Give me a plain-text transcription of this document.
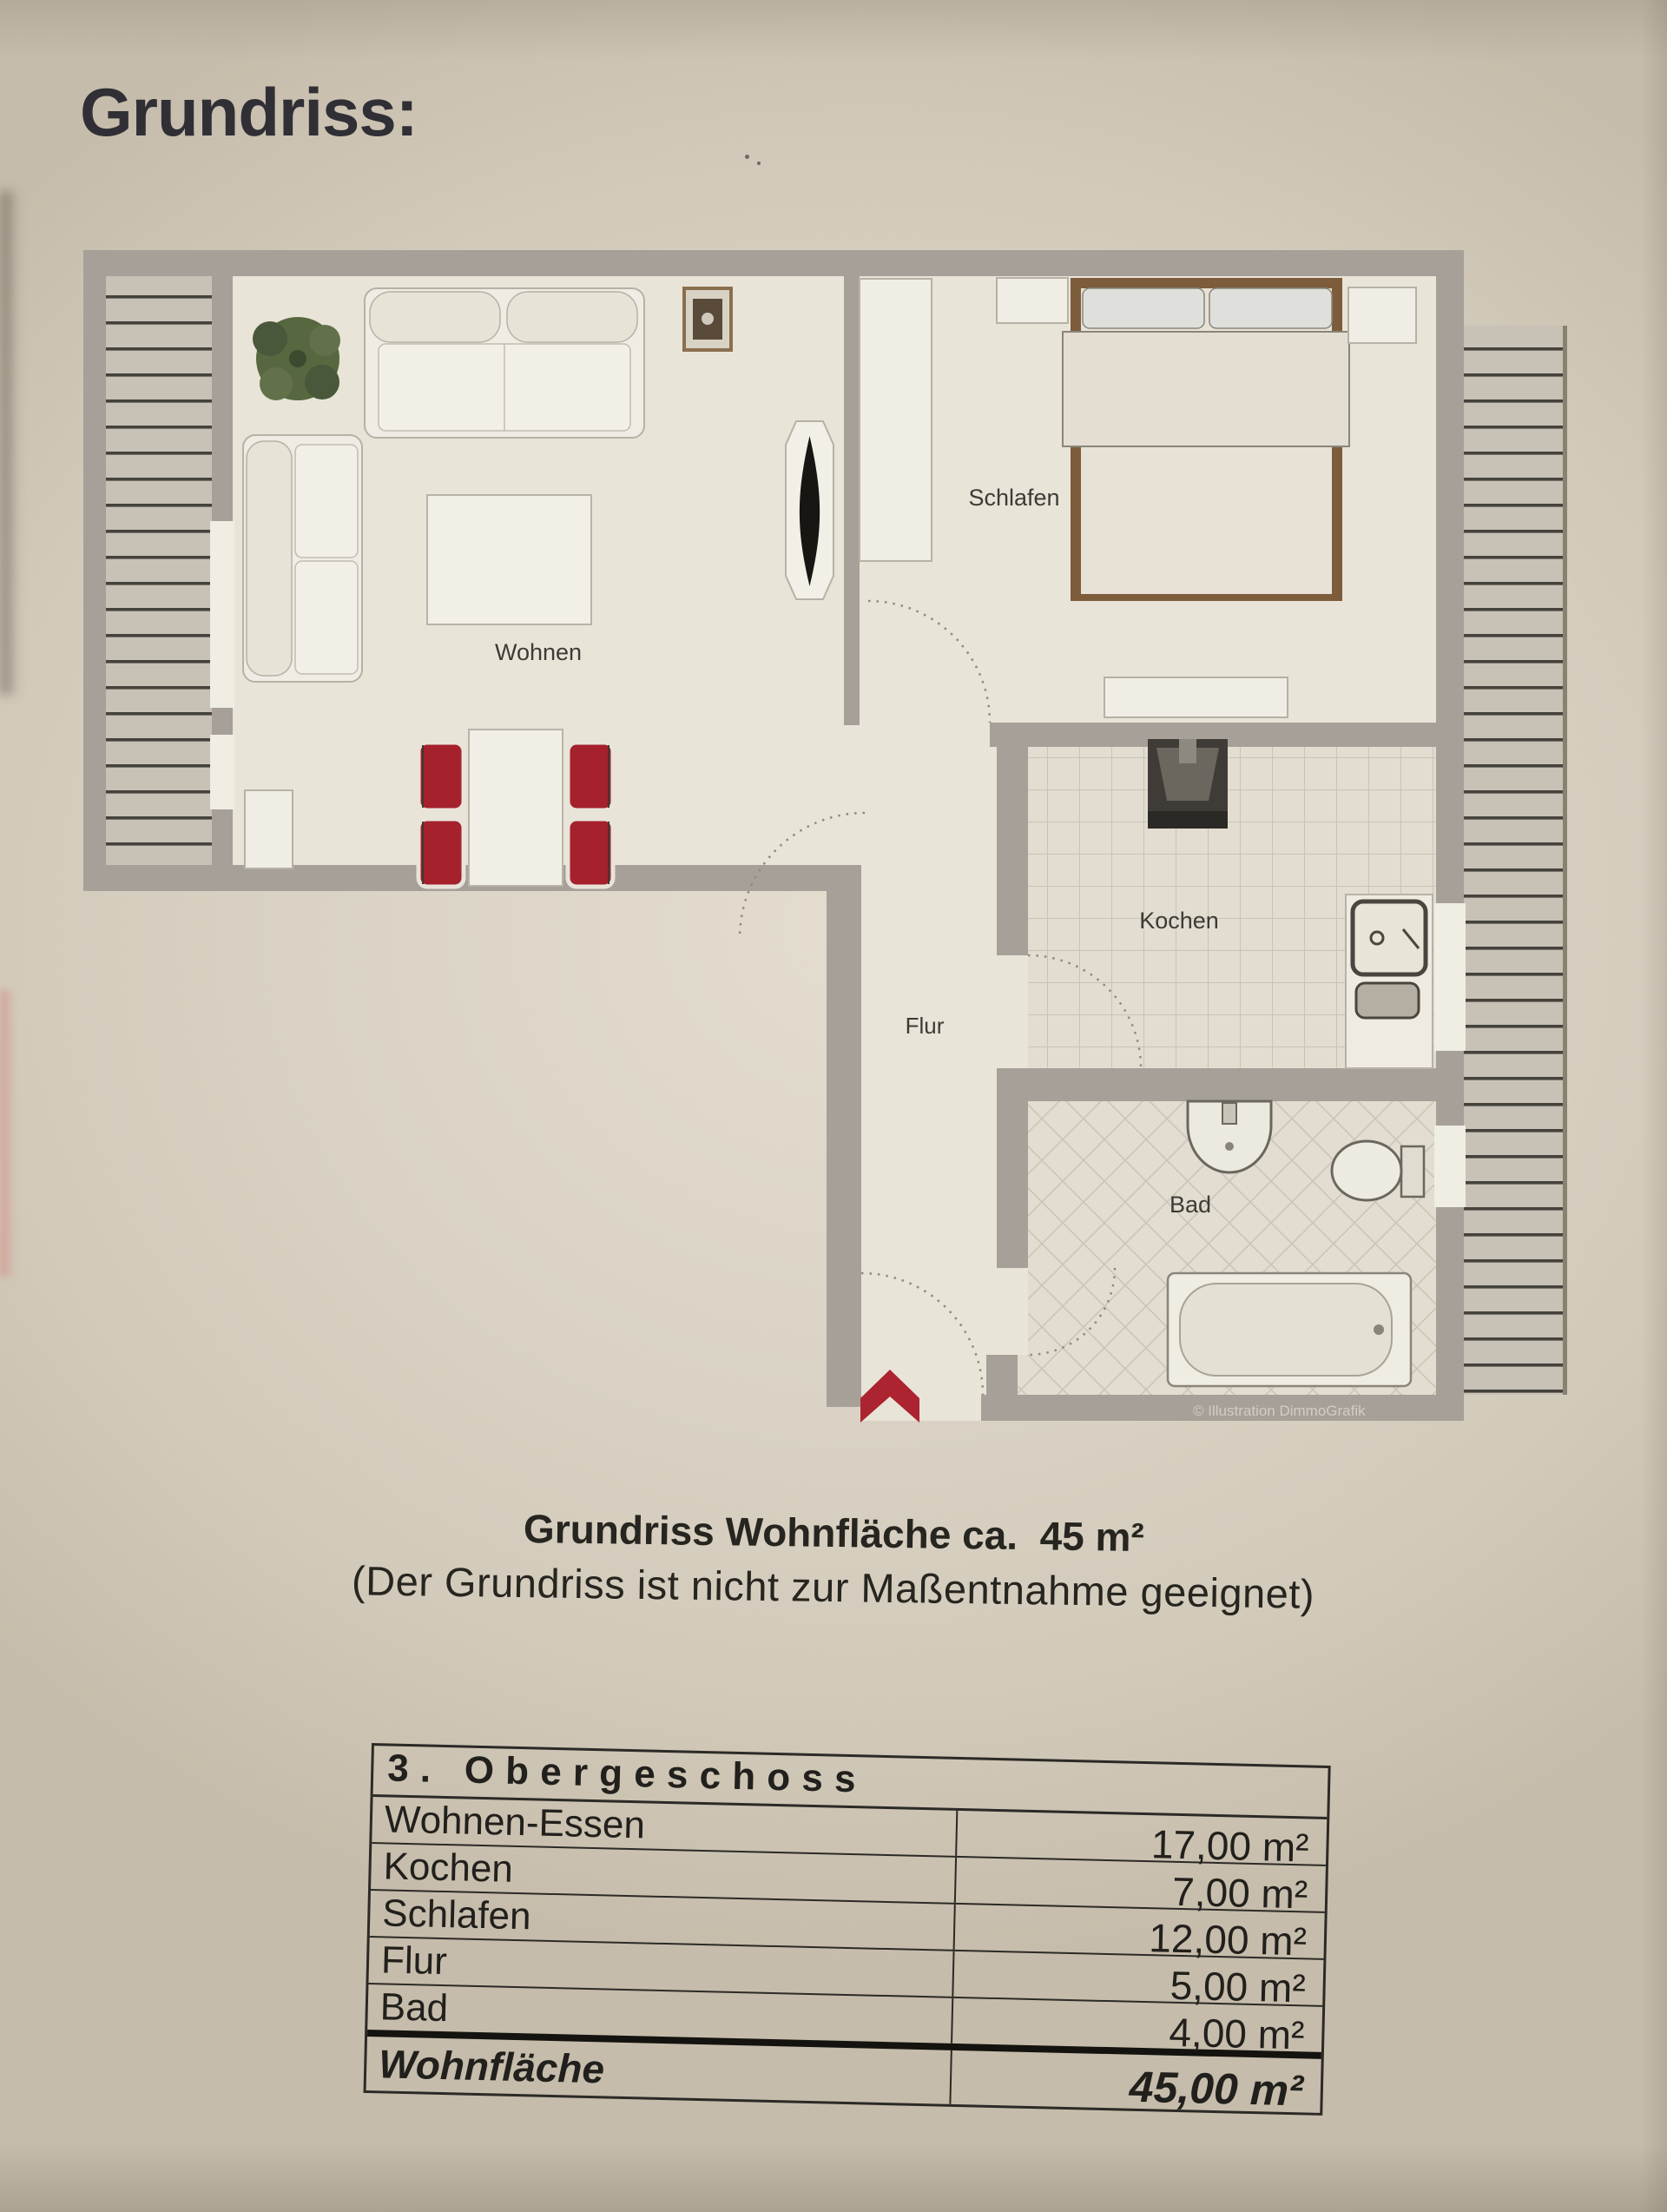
Grundriss:
Wohnen
Schlafen
Kochen
Flur
Bad
© Illustration DimmoGrafik
Grundriss Wohnfläche ca.  45 m²
(Der Grundriss ist nicht zur Maßentnahme geeignet)
3. Obergeschoss
Wohnen-Essen	17,00 m²
Kochen
7,00 m²
Schlafen
12,00 m²
Flur
5,00 m²
Bad
4,00 m²
Wohnfläche	45,00 m²
